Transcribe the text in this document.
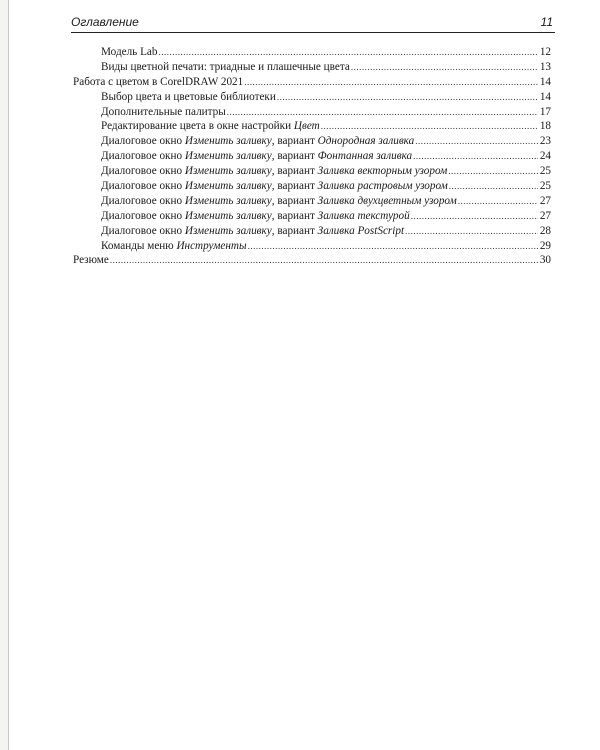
Оглавление	11
Модель Lab .....	12
Виды цветной печати: триадные и плашечные цвета .....	13
Работа с цветом в CorelDRAW 2021 .....	14
Выбор цвета и цветовые библиотеки .....	14
Дополнительные палитры .....	17
Редактирование цвета в окне настройки Цвет .....	18
Диалоговое окно Изменить заливку, вариант Однородная заливка .....	23
Диалоговое окно Изменить заливку, вариант Фонтанная заливка .....	24
Диалоговое окно Изменить заливку, вариант Заливка векторным узором .....	25
Диалоговое окно Изменить заливку, вариант Заливка растровым узором .....	25
Диалоговое окно Изменить заливку, вариант Заливка двухцветным узором .....	27
Диалоговое окно Изменить заливку, вариант Заливка текстурой .....	27
Диалоговое окно Изменить заливку, вариант Заливка PostScript .....	28
Команды меню Инструменты .....	29
Резюме .....	30
